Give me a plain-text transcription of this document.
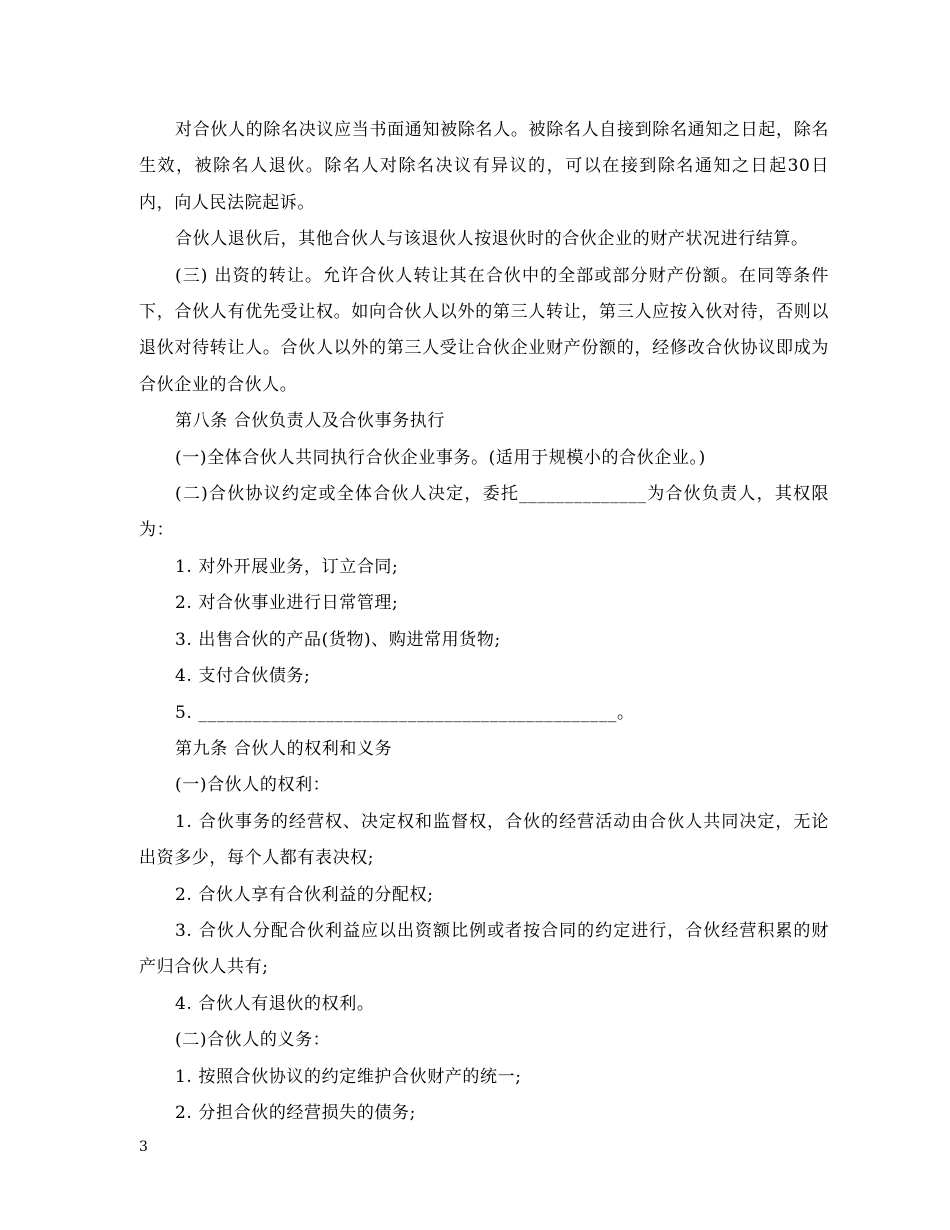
对合伙人的除名决议应当书面通知被除名人。被除名人自接到除名通知之日起，除名生效，被除名人退伙。除名人对除名决议有异议的，可以在接到除名通知之日起30日内，向人民法院起诉。

合伙人退伙后，其他合伙人与该退伙人按退伙时的合伙企业的财产状况进行结算。

(三) 出资的转让。允许合伙人转让其在合伙中的全部或部分财产份额。在同等条件下，合伙人有优先受让权。如向合伙人以外的第三人转让，第三人应按入伙对待，否则以退伙对待转让人。合伙人以外的第三人受让合伙企业财产份额的，经修改合伙协议即成为合伙企业的合伙人。

第八条 合伙负责人及合伙事务执行

(一)全体合伙人共同执行合伙企业事务。(适用于规模小的合伙企业。)

(二)合伙协议约定或全体合伙人决定，委托______________为合伙负责人，其权限为：

1. 对外开展业务，订立合同;

2. 对合伙事业进行日常管理;

3. 出售合伙的产品(货物)、购进常用货物;

4. 支付合伙债务;

5. ______________________________________________。

第九条 合伙人的权利和义务

(一)合伙人的权利：

1. 合伙事务的经营权、决定权和监督权，合伙的经营活动由合伙人共同决定，无论出资多少，每个人都有表决权;

2. 合伙人享有合伙利益的分配权;

3. 合伙人分配合伙利益应以出资额比例或者按合同的约定进行，合伙经营积累的财产归合伙人共有;

4. 合伙人有退伙的权利。

(二)合伙人的义务：

1. 按照合伙协议的约定维护合伙财产的统一;

2. 分担合伙的经营损失的债务;

3
